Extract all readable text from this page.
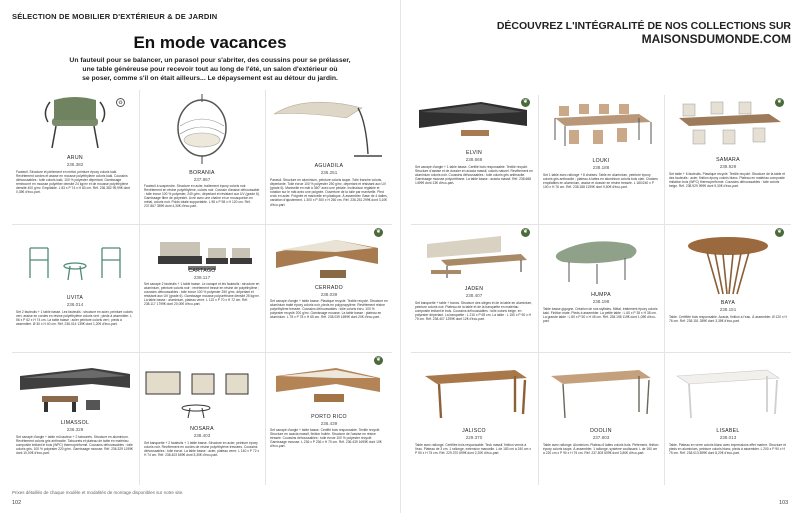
SÉLECTION DE MOBILIER D'EXTÉRIEUR & DE JARDIN
En mode vacances
Un fauteuil pour se balancer, un parasol pour s'abriter, des coussins pour se prélasser,
une table généreuse pour recevoir tout au long de l'été, un salon d'extérieur où
se poser, comme s'il on était ailleurs... Le dépaysement est au détour du jardin.
♻
ARUN
236.382
Fauteuil. Structure et piètement en métal, peinture époxy coloris kaki. Revêtement cordes et assise en mousse polyéthylène coloris kaki. Coussins déhoussables : toile coloris kaki, 100 % polyester déperlant. Garnissage rembourré en mousse polyéther densité 24 kg/m³ et de mousse polyéthylène densité 400 g/m². Empilable. L 83 x P 74 x H 83 cm. Réf. 236.382 99,99€ dont 0,35€ d'éco-part.
BORANIA
237.867
Fauteuil à suspendre. Structure en acier, traitement époxy coloris noir. Revêtement en résine polyéthylène, coloris noir. Coussin d'assise déhoussable : toile écrue 100 % polyester, 240 g/m², déperlant et résistant aux UV (grade 6). Garnissage fibre de polyester. Livré avec une chaîne et un mousqueton en métal, coloris noir. Poids totale supportable. L 98 x P 98 x H 120 cm. Réf. 237.867 359€ dont 4,30€ d'éco-part.
AGUADILA
236.251
Parasol. Structure en aluminium, peinture coloris taupe. Toile franche coloris, déperlante. Toile écrue 100 % polyester 250 g/m², déperlant et résistant aux UV (grade 6). Manivelle en mât à 360° avec une pédale. Inclinaison réglable et rotation sur le mât avec une poignée. Ouverture de la toile par manivelle. Pied croix en acier. Poignée et manivelle en plastique. À assembler. Base de 4 dalles, variation d'ajustement. L 300 x P 300 x H 260 cm. Réf. 236.251 299€ dont 3,10€ d'éco-part.
UVITA
236.014
Set 2 fauteuils + 1 table basse. Les fauteuils : structure en acier, peinture coloris vert, assise en cordes en résine polyéthylène coloris vert ; pieds à assembler. L 56 x P 62 x H 74 cm. La table basse : acier peinture coloris vert ; pieds à assembler. Ø 30 x H 40 cm. Réf. 236.014 139€ dont 1,20€ d'éco-part.
CARTAGO
238.117
Set canapé 2 fauteuils + 1 table basse. Le canapé et les fauteuils : structure en aluminium, peinture coloris noir ; revêtement tressé en résine de polyéthylène ; coussins déhoussables : toile écrue 100 % polyester 250 g/m², déperlant et résistant aux UV (grade 6). Garnissage mousse polyuréthane densité 25 kg/m³. La table basse : aluminium, plateau verre. L 122 x P 70 x H 72 cm. Réf. 238.117 1799€ dont 20,00€ d'éco-part.
❦
CERRADO
238.039
Set canapé d'angle + table basse. Plastique recyclé. Textile recyclé. Structure en aluminium traité époxy coloris noir, pieds en polypropylène. Revêtement résine polyéthylène tressée. Coussins déhoussables : toile coloris écru, 100 % polyester recyclé 200 g/m². Garnissage mousse. La table basse : plateau en aluminium. L 78 x P 78 x H 65 cm. Réf. 238.039 1699€ dont 20€ d'éco-part.
LIMASSOL
236.329
Set canapé d'angle + table mi-hauteur + 2 tabourets. Structure en aluminium. Revêtement coloris gris anthracite. Tabourets et plateau de table en matériau composite imitant le bois (WPC) thermopréformé. Coussins déhoussables : toile coloris gris, 100 % polyester 220 g/m². Garnissage mousse. Réf. 236.329 1199€ dont 10,00€ d'éco-part.
NOSARA
238.403
Set banquette + 2 fauteuils + 1 table basse. Structure en acier, peinture époxy coloris noir. Revêtement en cordes de résine polyéthylène tressées. Coussins déhoussables : toile écrue. La table basse : acier, plateau verre. L 140 x P 72 x H 74 cm. Réf. 238.403 659€ dont 5,30€ d'éco-part.
❦
PORTO RICO
236.439
Set canapé d'angle + table basse. Certifié bois responsable. Textile recyclé. Structure en acacia massif, finition huilée. Structure de l'assise en résine tressée. Coussins déhoussables : toile écrue 100 % polyester recyclé. Garnissage mousse. L 236 x P 236 x H 70 cm. Réf. 236.439 1699€ dont 10€ d'éco-part.
Prixes détaillés de chaque modèle et modalités de montage disponibles sur notre site.
102
DÉCOUVREZ L'INTÉGRALITÉ DE NOS COLLECTIONS SUR
MAISONSDUMONDE.COM
❦
ELVIN
238.668
Set canapé d'angle + 1 table basse. Certifié bois responsable. Textile recyclé. Structure d'assise et de dossier en acacia massif, coloris naturel. Revêtement en aluminium coloris noir. Coussins déhoussables : toile coloris gris anthracite. Garnissage mousse polyuréthane. La table basse : acacia massif. Réf. 238.668 1499€ dont 13€ d'éco-part.
LOUKI
238.188
Set 1 table avec rallonge + 8 chaises. Table en aluminium, peinture époxy coloris gris anthracite ; plateau à lattes en aluminium coloris bois clair. Chaises empilables en aluminium, assise et dossier en résine tressée. L 180/240 x P 100 x H 76 cm. Réf. 238.188 1199€ dont 9,50€ d'éco-part.
❦
SAMARA
238.929
Set table + 6 fauteuils. Plastique recyclé. Textile recyclé. Structure de la table et des fauteuils : acier, finition époxy coloris blanc. Plateau en matériau composite imitation bois (WPC) thermopréformé. Coussins déhoussables : toile coloris beige. Réf. 238.929 999€ dont 9,30€ d'éco-part.
❦
JADEN
238.407
Set banquette + table + bancs. Structure des sièges et de la table en aluminium, peinture coloris noir. Plateau de la table et de la banquette en matériau composite imitant le bois. Coussins déhoussables : toile coloris beige, en polyester déperlant. La banquette : L 210 x P 65 cm. La table : L 150 x P 90 x H 75 cm. Réf. 238.407 1299€ dont 12€ d'éco-part.
HUMPA
238.198
Table basse gigogne. Création de nos stylistes. Métal, traitement époxy coloris kaki. Finition mate. Pieds à assembler. La petite table : L 60 x P 35 x H 38 cm. La grande table : L 80 x P 50 x H 45 cm. Réf. 238.198 119€ dont 1,05€ d'éco-part.
❦
BAYA
238.151
Table. Certifiée bois responsable. Acacia, finition à l'eau. À assembler. Ø 120 x H 76 cm. Réf. 238.151 359€ dont 3,35€ d'éco-part.
JALISCO
229.370
Table avec rallonge. Certifiée bois responsable. Teck massif, finition vernis à l'eau. Plateau de 3 cm. 1 rallonge, extension manuelle. L de 180 cm à 240 cm x P 90 x H 75 cm. Réf. 229.370 699€ dont 2,20€ d'éco-part.
DOOLIN
237.803
Table avec rallonge. Aluminium. Plateau 6 lattes coloris bois. Piètement, finition époxy coloris taupe. À assembler. 1 rallonge, système coulissant. L de 160 cm à 220 cm x P 90 x H 75 cm. Réf. 237.803 699€ dont 3,80€ d'éco-part.
LISABEL
238.013
Table. Plateau en verre coloris blanc avec impressions effet marbre. Structure et pieds en aluminium, peinture coloris blanc, pieds à assembler. L 200 x P 90 x H 75 cm. Réf. 238.013 899€ dont 8,20€ d'éco-part.
103
